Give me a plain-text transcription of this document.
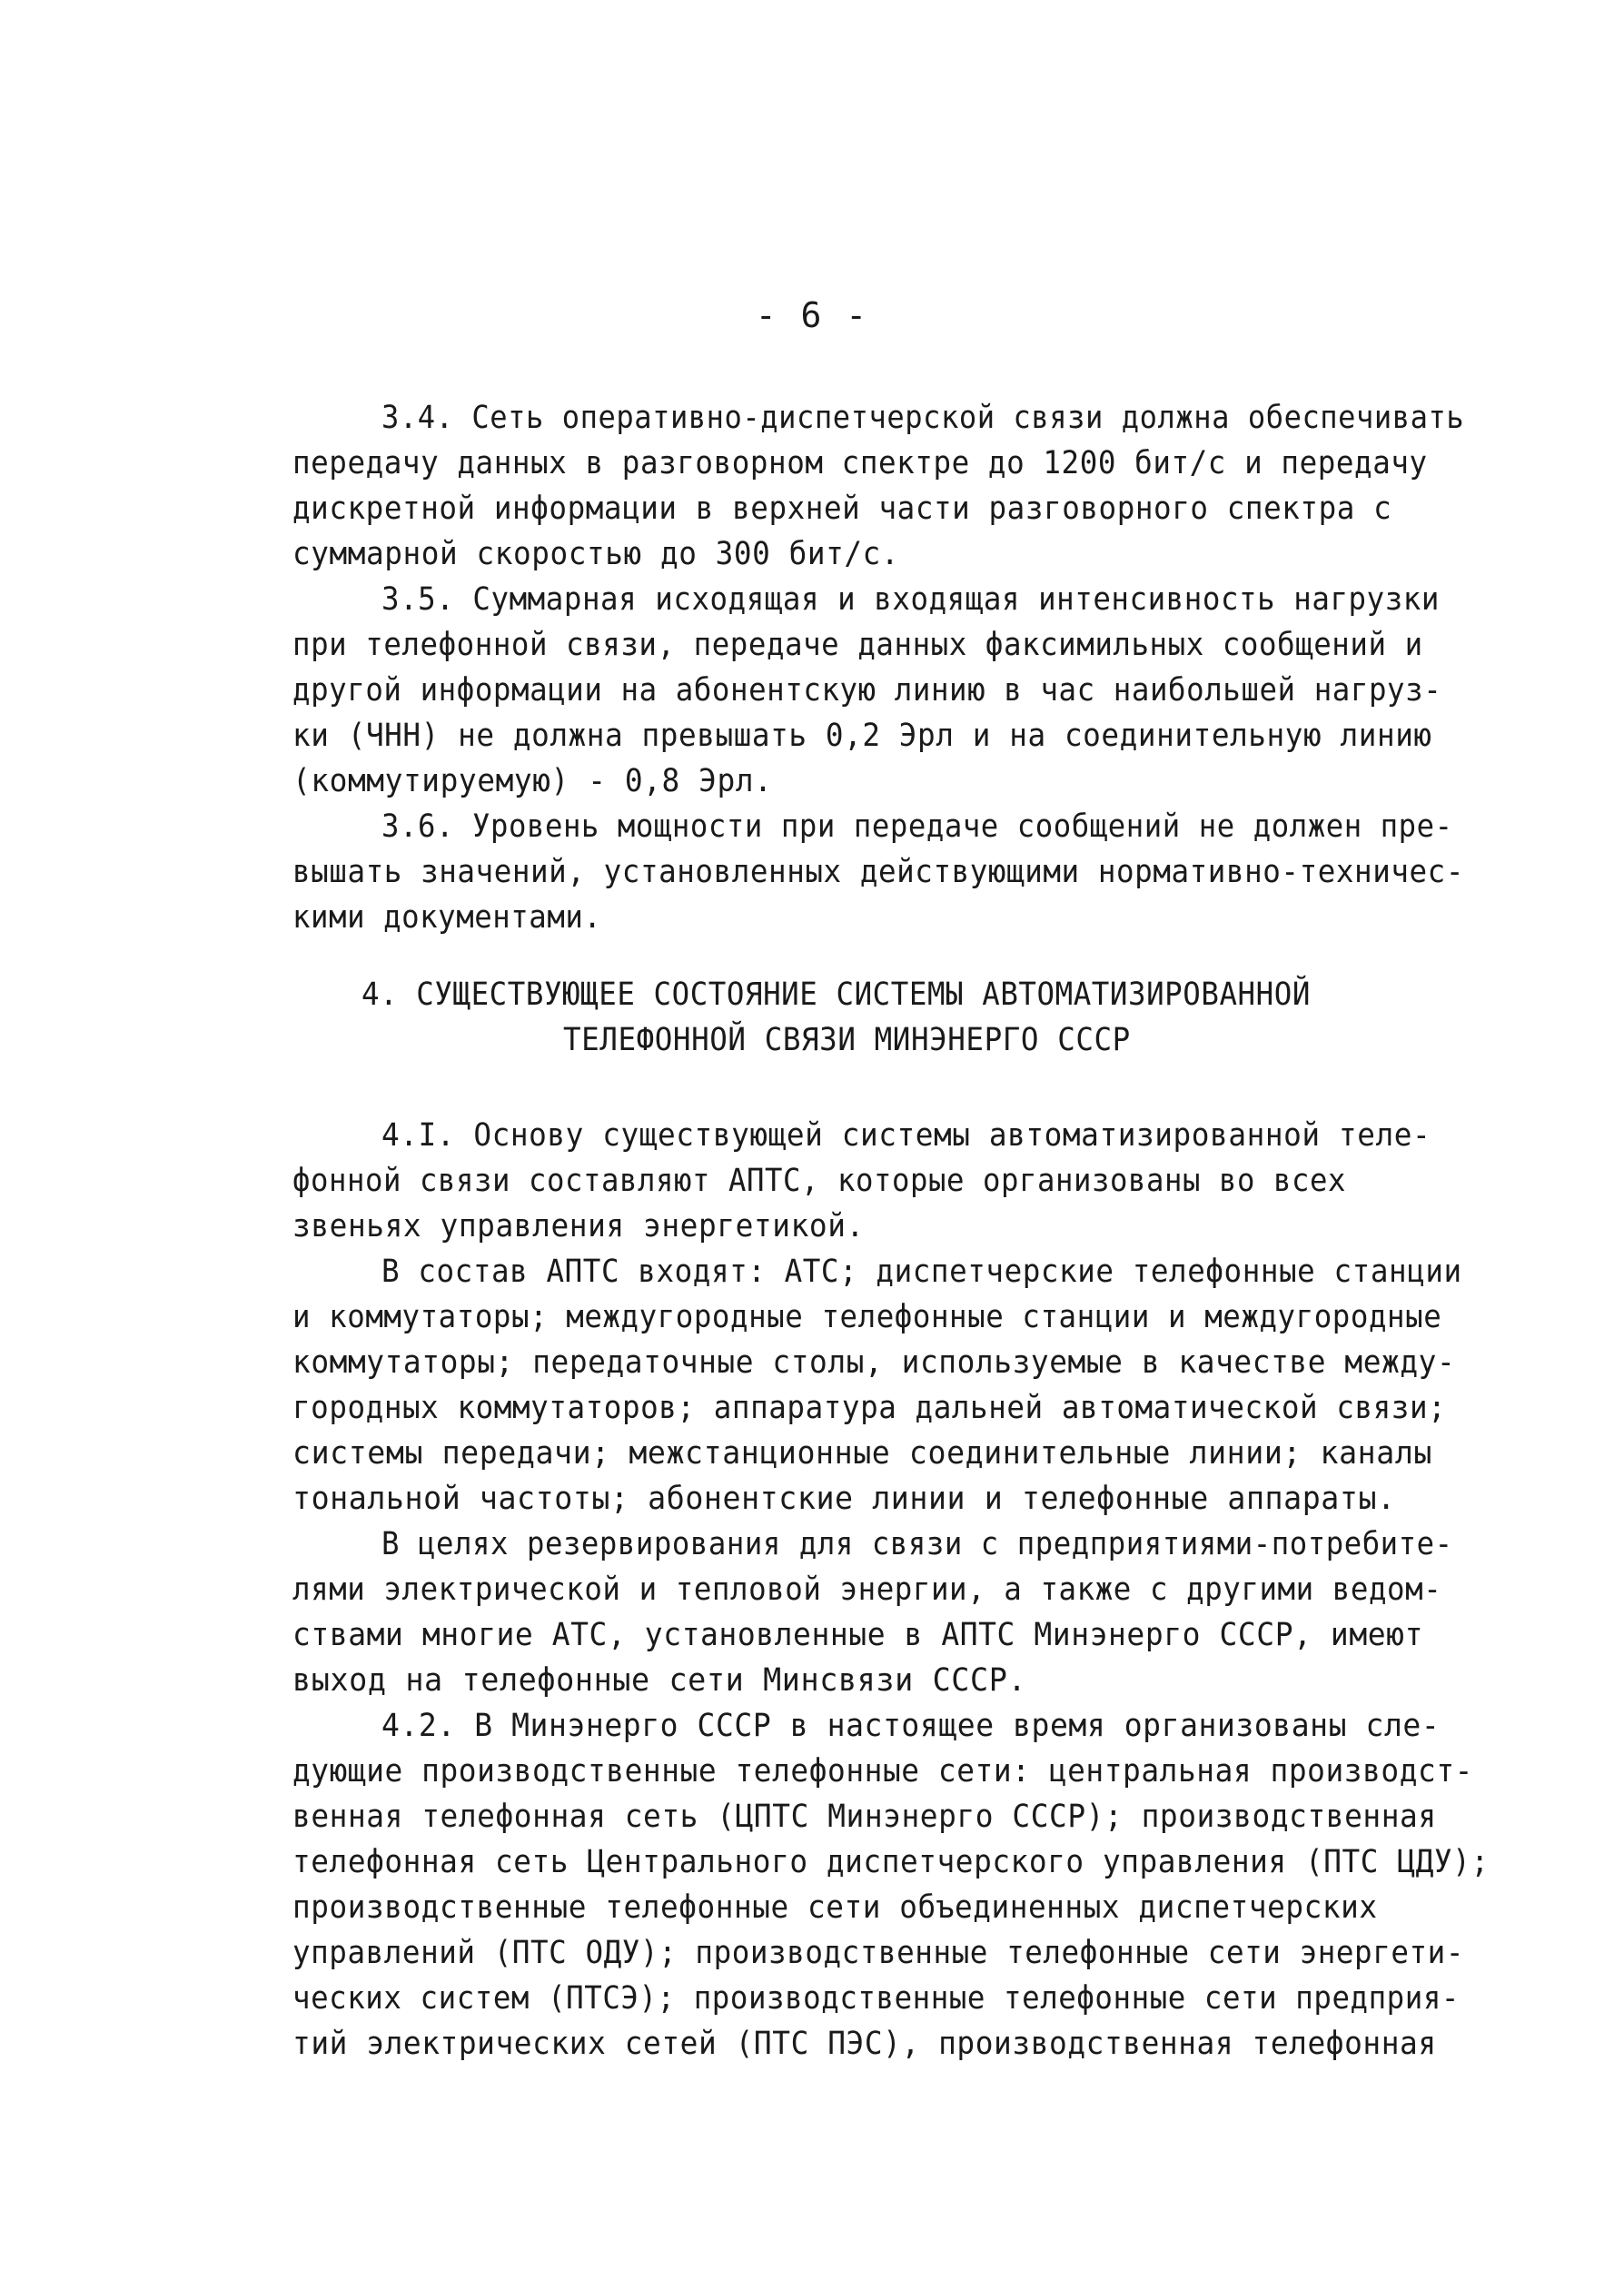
- 6 -
3.4. Сеть оперативно-диспетчерской связи должна обеспечивать
передачу данных в разговорном спектре до 1200 бит/с и передачу
дискретной информации в верхней части разговорного спектра с
суммарной скоростью до 300 бит/с.
3.5. Суммарная исходящая и входящая интенсивность нагрузки
при телефонной связи, передаче данных факсимильных сообщений и
другой информации на абонентскую линию в час наибольшей нагруз-
ки (ЧНН) не должна превышать 0,2 Эрл и на соединительную линию
(коммутируемую) - 0,8 Эрл.
3.6. Уровень мощности при передаче сообщений не должен пре-
вышать значений, установленных действующими нормативно-техничес-
кими документами.
4. СУЩЕСТВУЮЩЕЕ СОСТОЯНИЕ СИСТЕМЫ АВТОМАТИЗИРОВАННОЙ
ТЕЛЕФОННОЙ СВЯЗИ МИНЭНЕРГО СССР
4.I. Основу существующей системы автоматизированной теле-
фонной связи составляют АПТС, которые организованы во всех
звеньях управления энергетикой.
В состав АПТС входят: АТС; диспетчерские телефонные станции
и коммутаторы; междугородные телефонные станции и междугородные
коммутаторы; передаточные столы, используемые в качестве между-
городных коммутаторов; аппаратура дальней автоматической связи;
системы передачи; межстанционные соединительные линии; каналы
тональной частоты; абонентские линии и телефонные аппараты.
В целях резервирования для связи с предприятиями-потребите-
лями электрической и тепловой энергии, а также с другими ведом-
ствами многие АТС, установленные в АПТС Минэнерго СССР, имеют
выход на телефонные сети Минсвязи СССР.
4.2. В Минэнерго СССР в настоящее время организованы сле-
дующие производственные телефонные сети: центральная производст-
венная телефонная сеть (ЦПТС Минэнерго СССР); производственная
телефонная сеть Центрального диспетчерского управления (ПТС ЦДУ);
производственные телефонные сети объединенных диспетчерских
управлений (ПТС ОДУ); производственные телефонные сети энергети-
ческих систем (ПТСЭ); производственные телефонные сети предприя-
тий электрических сетей (ПТС ПЭС), производственная телефонная
